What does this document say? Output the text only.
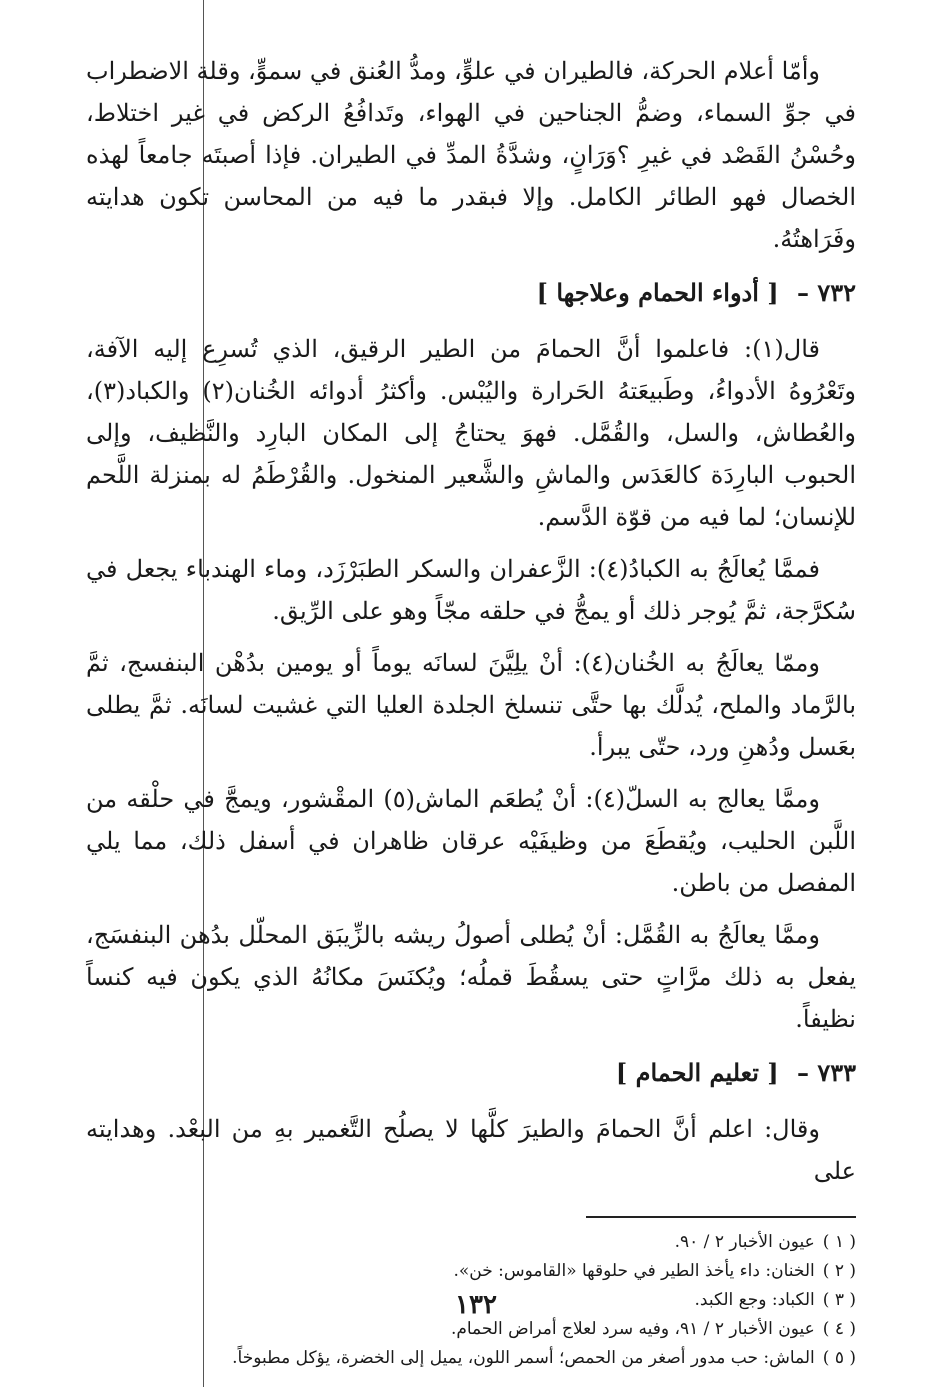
وأمّا أعلام الحركة، فالطيران في علوٍّ، ومدُّ العُنق في سموٍّ، وقلة الاضطراب في جوِّ السماء، وضمُّ الجناحين في الهواء، وتَدافُعُ الركض في غير اختلاط، وحُسْنُ القَصْد في غيرِ ؟وَرَانٍ، وشدَّةُ المدِّ في الطيران. فإذا أصبتَه جامعاً لهذه الخصال فهو الطائر الكامل. وإلا فبقدر ما فيه من المحاسن تكون هدايته وفَرَاهتُهُ.

٧٣٢ – [ أدواء الحمام وعلاجها ]

قال(١): فاعلموا أنَّ الحمامَ من الطير الرقيق، الذي تُسرِع إليه الآفة، وتَعْرُوهُ الأدواءُ، وطَبيعَتهُ الحَرارة واليُبْس. وأكثرُ أدوائه الخُنان(٢) والكباد(٣)، والعُطاش، والسل، والقُمَّل. فهوَ يحتاجُ إلى المكان البارِد والنَّظيف، وإلى الحبوب البارِدَة كالعَدَس والماشِ والشَّعير المنخول. والقُرْطَمُ له بمنزلة اللَّحم للإنسان؛ لما فيه من قوّة الدَّسم.

فممَّا يُعالَجُ به الكبادُ(٤): الزَّعفران والسكر الطبَرْزَد، وماء الهندباء يجعل في سُكرَّجة، ثمَّ يُوجر ذلك أو يمجُّ في حلقه مجّاً وهو على الرِّيق.

وممّا يعالَجُ به الخُنان(٤): أنْ يلِيَّنَ لسانَه يوماً أو يومين بدُهْن البنفسج، ثمَّ بالرَّماد والملح، يُدلَّك بها حتَّى تنسلخ الجلدة العليا التي غشيت لسانَه. ثمَّ يطلى بعَسل ودُهنِ ورد، حتّى يبرأ.

وممَّا يعالج به السلّ(٤): أنْ يُطعَم الماش(٥) المقْشور، ويمجَّ في حلْقه من اللَّبن الحليب، ويُقطَعَ من وظيفَيْه عرقان ظاهران في أسفل ذلك، مما يلي المفصل من باطن.

وممَّا يعالَجُ به القُمَّل: أنْ يُطلى أصولُ ريشه بالزِّيبَق المحلّل بدُهن البنفسَج، يفعل به ذلك مرَّاتٍ حتى يسقُطَ قملُه؛ ويُكنَسَ مكانُهُ الذي يكون فيه كنساً نظيفاً.

٧٣٣ – [ تعليم الحمام ]

وقال: اعلم أنَّ الحمامَ والطيرَ كلَّها لا يصلُح التَّغمير بهِ من البعْد. وهدايته على

( ١ )عيون الأخبار ٢ / ٩٠.
( ٢ )الخنان: داء يأخذ الطير في حلوقها «القاموس: خن».
( ٣ )الكباد: وجع الكبد.
( ٤ )عيون الأخبار ٢ / ٩١، وفيه سرد لعلاج أمراض الحمام.
( ٥ )الماش: حب مدور أصغر من الحمص؛ أسمر اللون، يميل إلى الخضرة، يؤكل مطبوخاً.
١٣٢
